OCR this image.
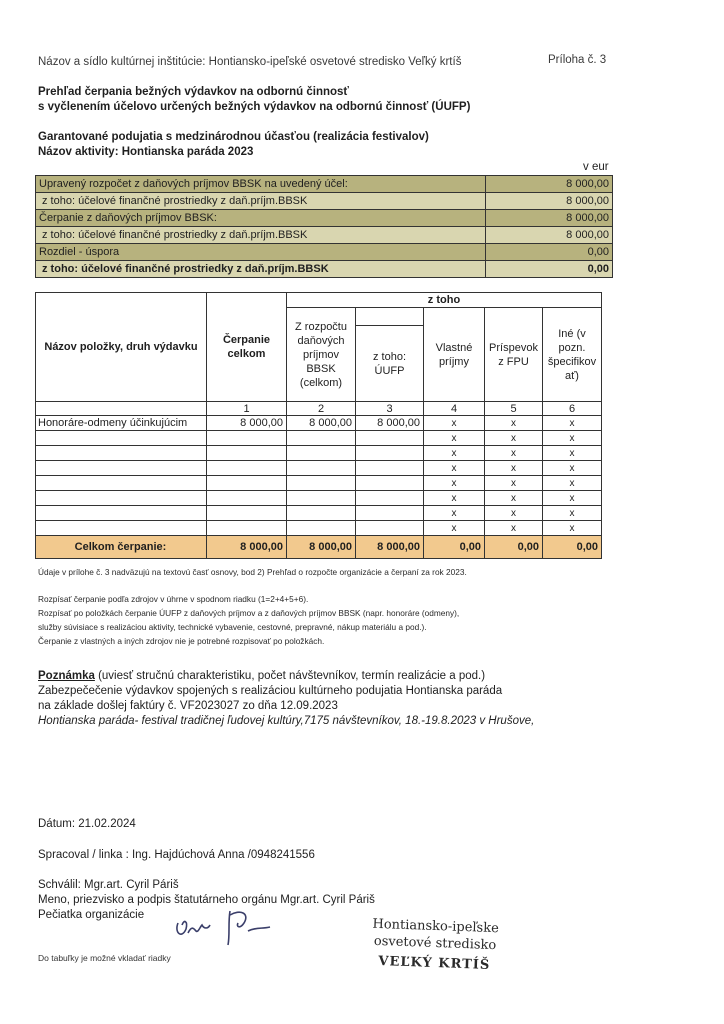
Názov a sídlo kultúrnej inštitúcie: Hontiansko-ipeľské osvetové stredisko Veľký krtíš	Príloha č. 3
Prehľad čerpania bežných výdavkov na odbornú činnosť
s vyčlenením účelovo určených bežných výdavkov na odbornú činnosť (ÚUFP)
Garantované podujatia s medzinárodnou účasťou (realizácia festivalov)
Názov aktivity: Hontianska paráda 2023
v eur
Upravený rozpočet z daňových príjmov BBSK na uvedený účel:	8 000,00
z toho: účelové finančné prostriedky z daň.príjm.BBSK	8 000,00
Čerpanie z daňových príjmov BBSK:	8 000,00
z toho: účelové finančné prostriedky z daň.príjm.BBSK	8 000,00
Rozdiel - úspora	0,00
z toho: účelové finančné prostriedky z daň.príjm.BBSK	0,00
Názov položky, druh výdavku	Čerpanie celkom	z toho				
		Z rozpočtu daňových príjmov BBSK (celkom)		Vlastné príjmy	Príspevok z FPU	Iné (v pozn. špecifikov ať)
			z toho: ÚUFP			
	1	2	3	4	5	6
Honoráre-odmeny účinkujúcim	8 000,00	8 000,00	8 000,00	x	x	x
				x	x	x
				x	x	x
				x	x	x
				x	x	x
				x	x	x
				x	x	x
				x	x	x
Celkom čerpanie:	8 000,00	8 000,00	8 000,00	0,00	0,00	0,00
Údaje v prílohe č. 3 nadväzujú na textovú časť osnovy, bod 2) Prehľad o rozpočte organizácie a čerpaní za rok 2023.
Rozpísať čerpanie podľa zdrojov v úhrne v spodnom riadku (1=2+4+5+6).
Rozpísať po položkách čerpanie ÚUFP z daňových príjmov a z daňových príjmov BBSK (napr. honoráre (odmeny),
služby súvisiace s realizáciou aktivity, technické vybavenie, cestovné, prepravné, nákup materiálu a pod.).
Čerpanie z vlastných a iných zdrojov nie je potrebné rozpisovať po položkách.
Poznámka (uviesť stručnú charakteristiku, počet návštevníkov, termín realizácie a pod.)
Zabezpečečenie výdavkov spojených s realizáciou kultúrneho podujatia Hontianska paráda
na základe došlej faktúry č. VF2023027 zo dňa 12.09.2023
Hontianska paráda- festival tradičnej ľudovej kultúry,7175 návštevníkov, 18.-19.8.2023 v Hrušove,
Dátum: 21.02.2024
Spracoval / linka : Ing. Hajdúchová Anna /0948241556
Schválil: Mgr.art. Cyril Páriš
Meno, priezvisko a podpis štatutárneho orgánu Mgr.art. Cyril Páriš
Pečiatka organizácie
Do tabuľky je možné vkladať riadky
Hontiansko-ipeľske
osvetové stredisko
VEĽKÝ KRTÍŠ
